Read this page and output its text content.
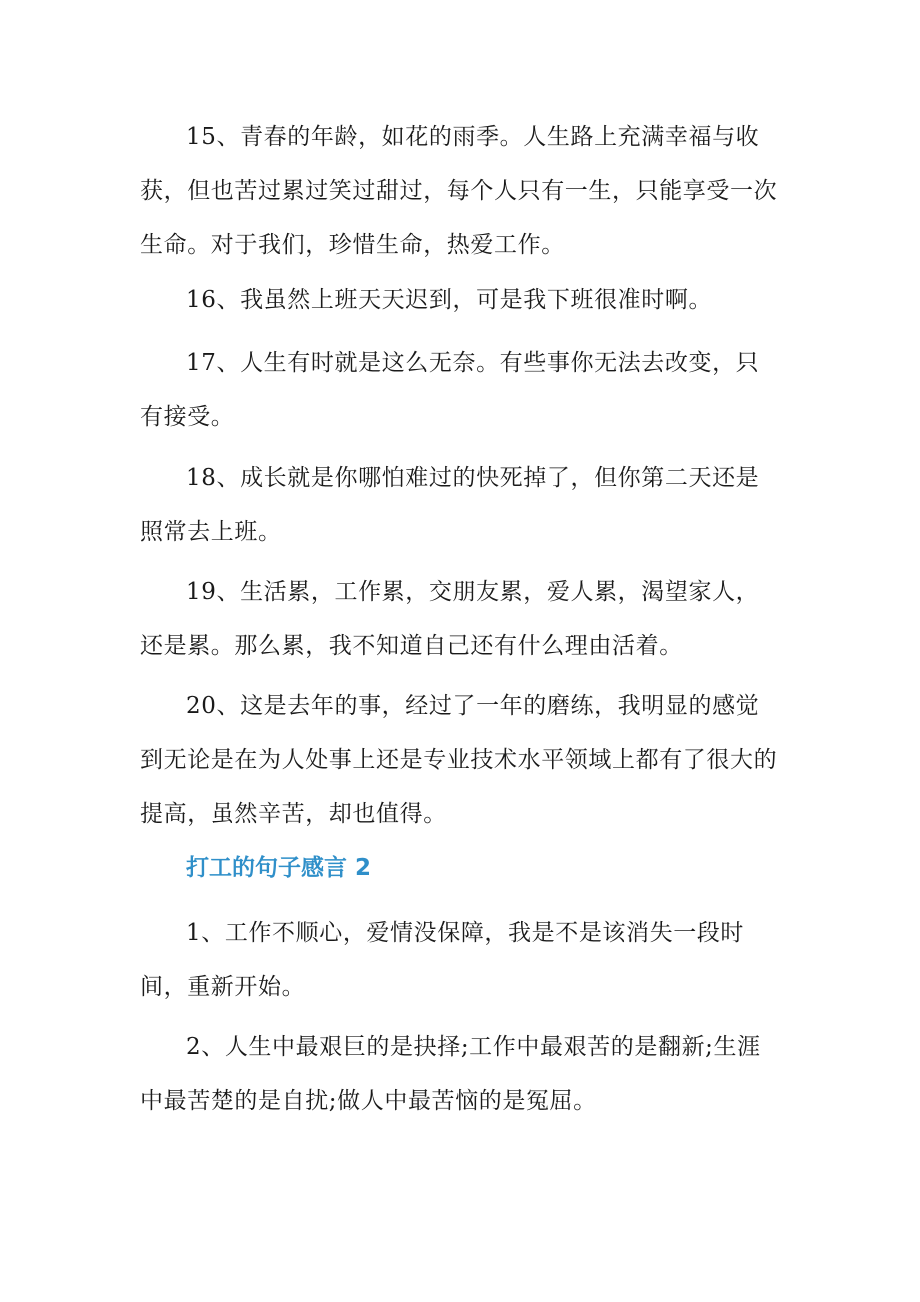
15、青春的年龄，如花的雨季。人生路上充满幸福与收获，但也苦过累过笑过甜过，每个人只有一生，只能享受一次生命。对于我们，珍惜生命，热爱工作。

16、我虽然上班天天迟到，可是我下班很准时啊。

17、人生有时就是这么无奈。有些事你无法去改变，只有接受。

18、成长就是你哪怕难过的快死掉了，但你第二天还是照常去上班。

19、生活累，工作累，交朋友累，爱人累，渴望家人，还是累。那么累，我不知道自己还有什么理由活着。

20、这是去年的事，经过了一年的磨练，我明显的感觉到无论是在为人处事上还是专业技术水平领域上都有了很大的提高，虽然辛苦，却也值得。

打工的句子感言 2

1、工作不顺心，爱情没保障，我是不是该消失一段时间，重新开始。

2、人生中最艰巨的是抉择;工作中最艰苦的是翻新;生涯中最苦楚的是自扰;做人中最苦恼的是冤屈。
